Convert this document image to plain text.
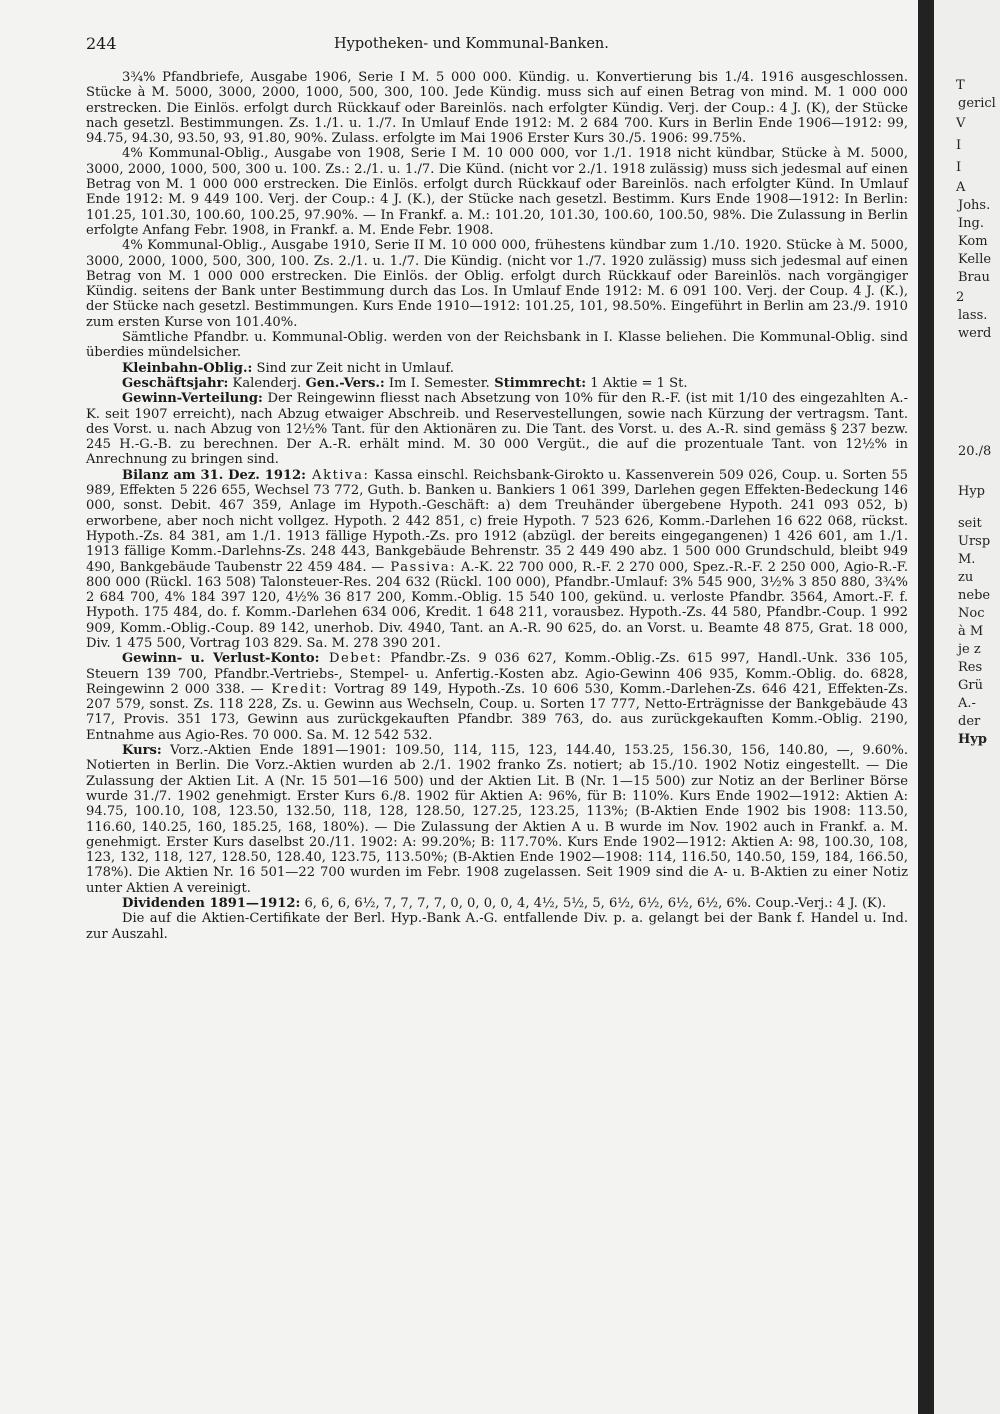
244	Hypotheken- und Kommunal-Banken.

3¾% Pfandbriefe, Ausgabe 1906, Serie I M. 5 000 000. Kündig. u. Konvertierung bis 1./4. 1916 ausgeschlossen. Stücke à M. 5000, 3000, 2000, 1000, 500, 300, 100. Jede Kündig. muss sich auf einen Betrag von mind. M. 1 000 000 erstrecken. Die Einlös. erfolgt durch Rückkauf oder Bareinlös. nach erfolgter Kündig. Verj. der Coup.: 4 J. (K), der Stücke nach gesetzl. Bestimmungen. Zs. 1./1. u. 1./7. In Umlauf Ende 1912: M. 2 684 700. Kurs in Berlin Ende 1906—1912: 99, 94.75, 94.30, 93.50, 93, 91.80, 90%. Zulass. erfolgte im Mai 1906 Erster Kurs 30./5. 1906: 99.75%.

4% Kommunal-Oblig., Ausgabe von 1908, Serie I M. 10 000 000, vor 1./1. 1918 nicht kündbar, Stücke à M. 5000, 3000, 2000, 1000, 500, 300 u. 100. Zs.: 2./1. u. 1./7. Die Künd. (nicht vor 2./1. 1918 zulässig) muss sich jedesmal auf einen Betrag von M. 1 000 000 erstrecken. Die Einlös. erfolgt durch Rückkauf oder Bareinlös. nach erfolgter Künd. In Umlauf Ende 1912: M. 9 449 100. Verj. der Coup.: 4 J. (K.), der Stücke nach gesetzl. Bestimm. Kurs Ende 1908—1912: In Berlin: 101.25, 101.30, 100.60, 100.25, 97.90%. — In Frankf. a. M.: 101.20, 101.30, 100.60, 100.50, 98%. Die Zulassung in Berlin erfolgte Anfang Febr. 1908, in Frankf. a. M. Ende Febr. 1908.

4% Kommunal-Oblig., Ausgabe 1910, Serie II M. 10 000 000, frühestens kündbar zum 1./10. 1920. Stücke à M. 5000, 3000, 2000, 1000, 500, 300, 100. Zs. 2./1. u. 1./7. Die Kündig. (nicht vor 1./7. 1920 zulässig) muss sich jedesmal auf einen Betrag von M. 1 000 000 erstrecken. Die Einlös. der Oblig. erfolgt durch Rückkauf oder Bareinlös. nach vorgängiger Kündig. seitens der Bank unter Bestimmung durch das Los. In Umlauf Ende 1912: M. 6 091 100. Verj. der Coup. 4 J. (K.), der Stücke nach gesetzl. Bestimmungen. Kurs Ende 1910—1912: 101.25, 101, 98.50%. Eingeführt in Berlin am 23./9. 1910 zum ersten Kurse von 101.40%.

Sämtliche Pfandbr. u. Kommunal-Oblig. werden von der Reichsbank in I. Klasse beliehen. Die Kommunal-Oblig. sind überdies mündelsicher.

Kleinbahn-Oblig.: Sind zur Zeit nicht in Umlauf.

Geschäftsjahr: Kalenderj. Gen.-Vers.: Im I. Semester. Stimmrecht: 1 Aktie = 1 St.

Gewinn-Verteilung: Der Reingewinn fliesst nach Absetzung von 10% für den R.-F. (ist mit 1/10 des eingezahlten A.-K. seit 1907 erreicht), nach Abzug etwaiger Abschreib. und Reservestellungen, sowie nach Kürzung der vertragsm. Tant. des Vorst. u. nach Abzug von 12½% Tant. für den Aktionären zu. Die Tant. des Vorst. u. des A.-R. sind gemäss § 237 bezw. 245 H.-G.-B. zu berechnen. Der A.-R. erhält mind. M. 30 000 Vergüt., die auf die prozentuale Tant. von 12½% in Anrechnung zu bringen sind.

Bilanz am 31. Dez. 1912: Aktiva: Kassa einschl. Reichsbank-Girokto u. Kassenverein 509 026, Coup. u. Sorten 55 989, Effekten 5 226 655, Wechsel 73 772, Guth. b. Banken u. Bankiers 1 061 399, Darlehen gegen Effekten-Bedeckung 146 000, sonst. Debit. 467 359, Anlage im Hypoth.-Geschäft: a) dem Treuhänder übergebene Hypoth. 241 093 052, b) erworbene, aber noch nicht vollgez. Hypoth. 2 442 851, c) freie Hypoth. 7 523 626, Komm.-Darlehen 16 622 068, rückst. Hypoth.-Zs. 84 381, am 1./1. 1913 fällige Hypoth.-Zs. pro 1912 (abzügl. der bereits eingegangenen) 1 426 601, am 1./1. 1913 fällige Komm.-Darlehns-Zs. 248 443, Bankgebäude Behrenstr. 35 2 449 490 abz. 1 500 000 Grundschuld, bleibt 949 490, Bankgebäude Taubenstr 22 459 484. — Passiva: A.-K. 22 700 000, R.-F. 2 270 000, Spez.-R.-F. 2 250 000, Agio-R.-F. 800 000 (Rückl. 163 508) Talonsteuer-Res. 204 632 (Rückl. 100 000), Pfandbr.-Umlauf: 3% 545 900, 3½% 3 850 880, 3¾% 2 684 700, 4% 184 397 120, 4½% 36 817 200, Komm.-Oblig. 15 540 100, gekünd. u. verloste Pfandbr. 3564, Amort.-F. f. Hypoth. 175 484, do. f. Komm.-Darlehen 634 006, Kredit. 1 648 211, vorausbez. Hypoth.-Zs. 44 580, Pfandbr.-Coup. 1 992 909, Komm.-Oblig.-Coup. 89 142, unerhob. Div. 4940, Tant. an A.-R. 90 625, do. an Vorst. u. Beamte 48 875, Grat. 18 000, Div. 1 475 500, Vortrag 103 829. Sa. M. 278 390 201.

Gewinn- u. Verlust-Konto: Debet: Pfandbr.-Zs. 9 036 627, Komm.-Oblig.-Zs. 615 997, Handl.-Unk. 336 105, Steuern 139 700, Pfandbr.-Vertriebs-, Stempel- u. Anfertig.-Kosten abz. Agio-Gewinn 406 935, Komm.-Oblig. do. 6828, Reingewinn 2 000 338. — Kredit: Vortrag 89 149, Hypoth.-Zs. 10 606 530, Komm.-Darlehen-Zs. 646 421, Effekten-Zs. 207 579, sonst. Zs. 118 228, Zs. u. Gewinn aus Wechseln, Coup. u. Sorten 17 777, Netto-Erträgnisse der Bankgebäude 43 717, Provis. 351 173, Gewinn aus zurückgekauften Pfandbr. 389 763, do. aus zurückgekauften Komm.-Oblig. 2190, Entnahme aus Agio-Res. 70 000. Sa. M. 12 542 532.

Kurs: Vorz.-Aktien Ende 1891—1901: 109.50, 114, 115, 123, 144.40, 153.25, 156.30, 156, 140.80, —, 9.60%. Notierten in Berlin. Die Vorz.-Aktien wurden ab 2./1. 1902 franko Zs. notiert; ab 15./10. 1902 Notiz eingestellt. — Die Zulassung der Aktien Lit. A (Nr. 15 501—16 500) und der Aktien Lit. B (Nr. 1—15 500) zur Notiz an der Berliner Börse wurde 31./7. 1902 genehmigt. Erster Kurs 6./8. 1902 für Aktien A: 96%, für B: 110%. Kurs Ende 1902—1912: Aktien A: 94.75, 100.10, 108, 123.50, 132.50, 118, 128, 128.50, 127.25, 123.25, 113%; (B-Aktien Ende 1902 bis 1908: 113.50, 116.60, 140.25, 160, 185.25, 168, 180%). — Die Zulassung der Aktien A u. B wurde im Nov. 1902 auch in Frankf. a. M. genehmigt. Erster Kurs daselbst 20./11. 1902: A: 99.20%; B: 117.70%. Kurs Ende 1902—1912: Aktien A: 98, 100.30, 108, 123, 132, 118, 127, 128.50, 128.40, 123.75, 113.50%; (B-Aktien Ende 1902—1908: 114, 116.50, 140.50, 159, 184, 166.50, 178%). Die Aktien Nr. 16 501—22 700 wurden im Febr. 1908 zugelassen. Seit 1909 sind die A- u. B-Aktien zu einer Notiz unter Aktien A vereinigt.

Dividenden 1891—1912: 6, 6, 6, 6½, 7, 7, 7, 7, 0, 0, 0, 0, 4, 4½, 5½, 5, 6½, 6½, 6½, 6½, 6%. Coup.-Verj.: 4 J. (K).

Die auf die Aktien-Certifikate der Berl. Hyp.-Bank A.-G. entfallende Div. p. a. gelangt bei der Bank f. Handel u. Ind. zur Auszahl.

T
gericl
V
I
I
A
Johs.
Ing.
Kom
Kelle
Brau
2
lass.
werd
20./8
Hyp
seit
Ursp
M.
zu
nebe
Noc
à M
je z
Res
Grü
A.-
der
Hyp
